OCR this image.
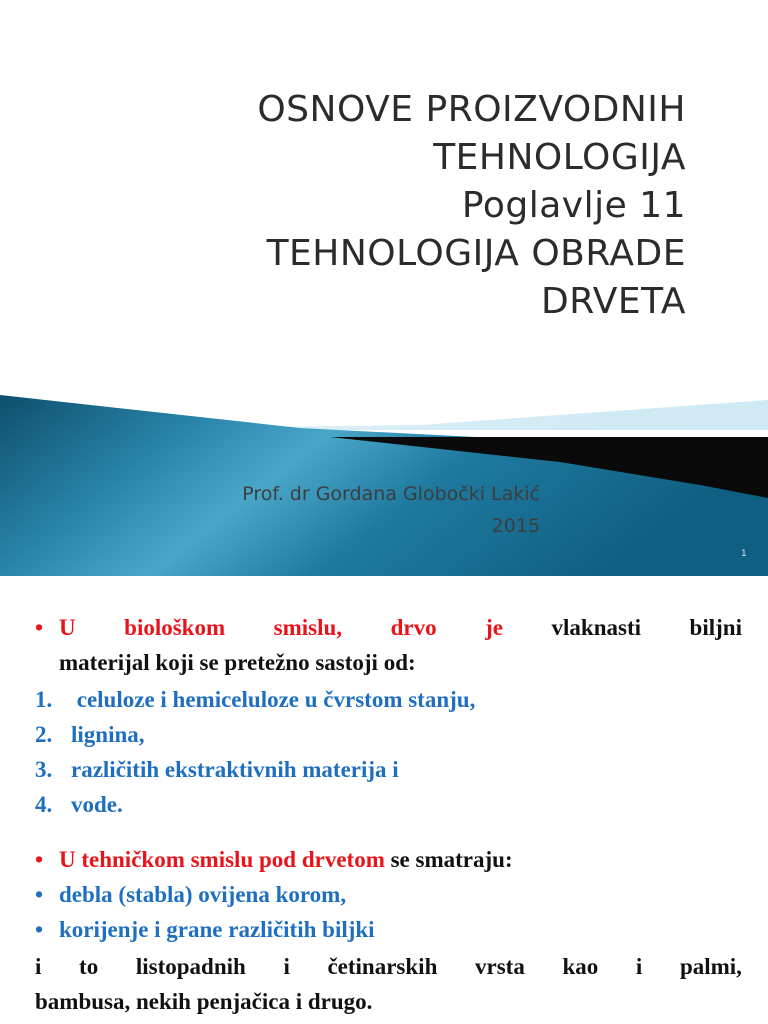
OSNOVE PROIZVODNIH
TEHNOLOGIJA
Poglavlje 11
TEHNOLOGIJA OBRADE
DRVETA
Prof. dr Gordana Globočki Lakić
2015
1
• U biološkom smislu, drvo je vlaknasti biljni
materijal koji se pretežno sastoji od:
1. celuloze i hemiceluloze u čvrstom stanju,
2. lignina,
3. različitih ekstraktivnih materija i
4. vode.
• U tehničkom smislu pod drvetom se smatraju:
• debla (stabla) ovijena korom,
• korijenje i grane različitih biljki
i to listopadnih i četinarskih vrsta kao i palmi,
bambusa, nekih penjačica i drugo.
